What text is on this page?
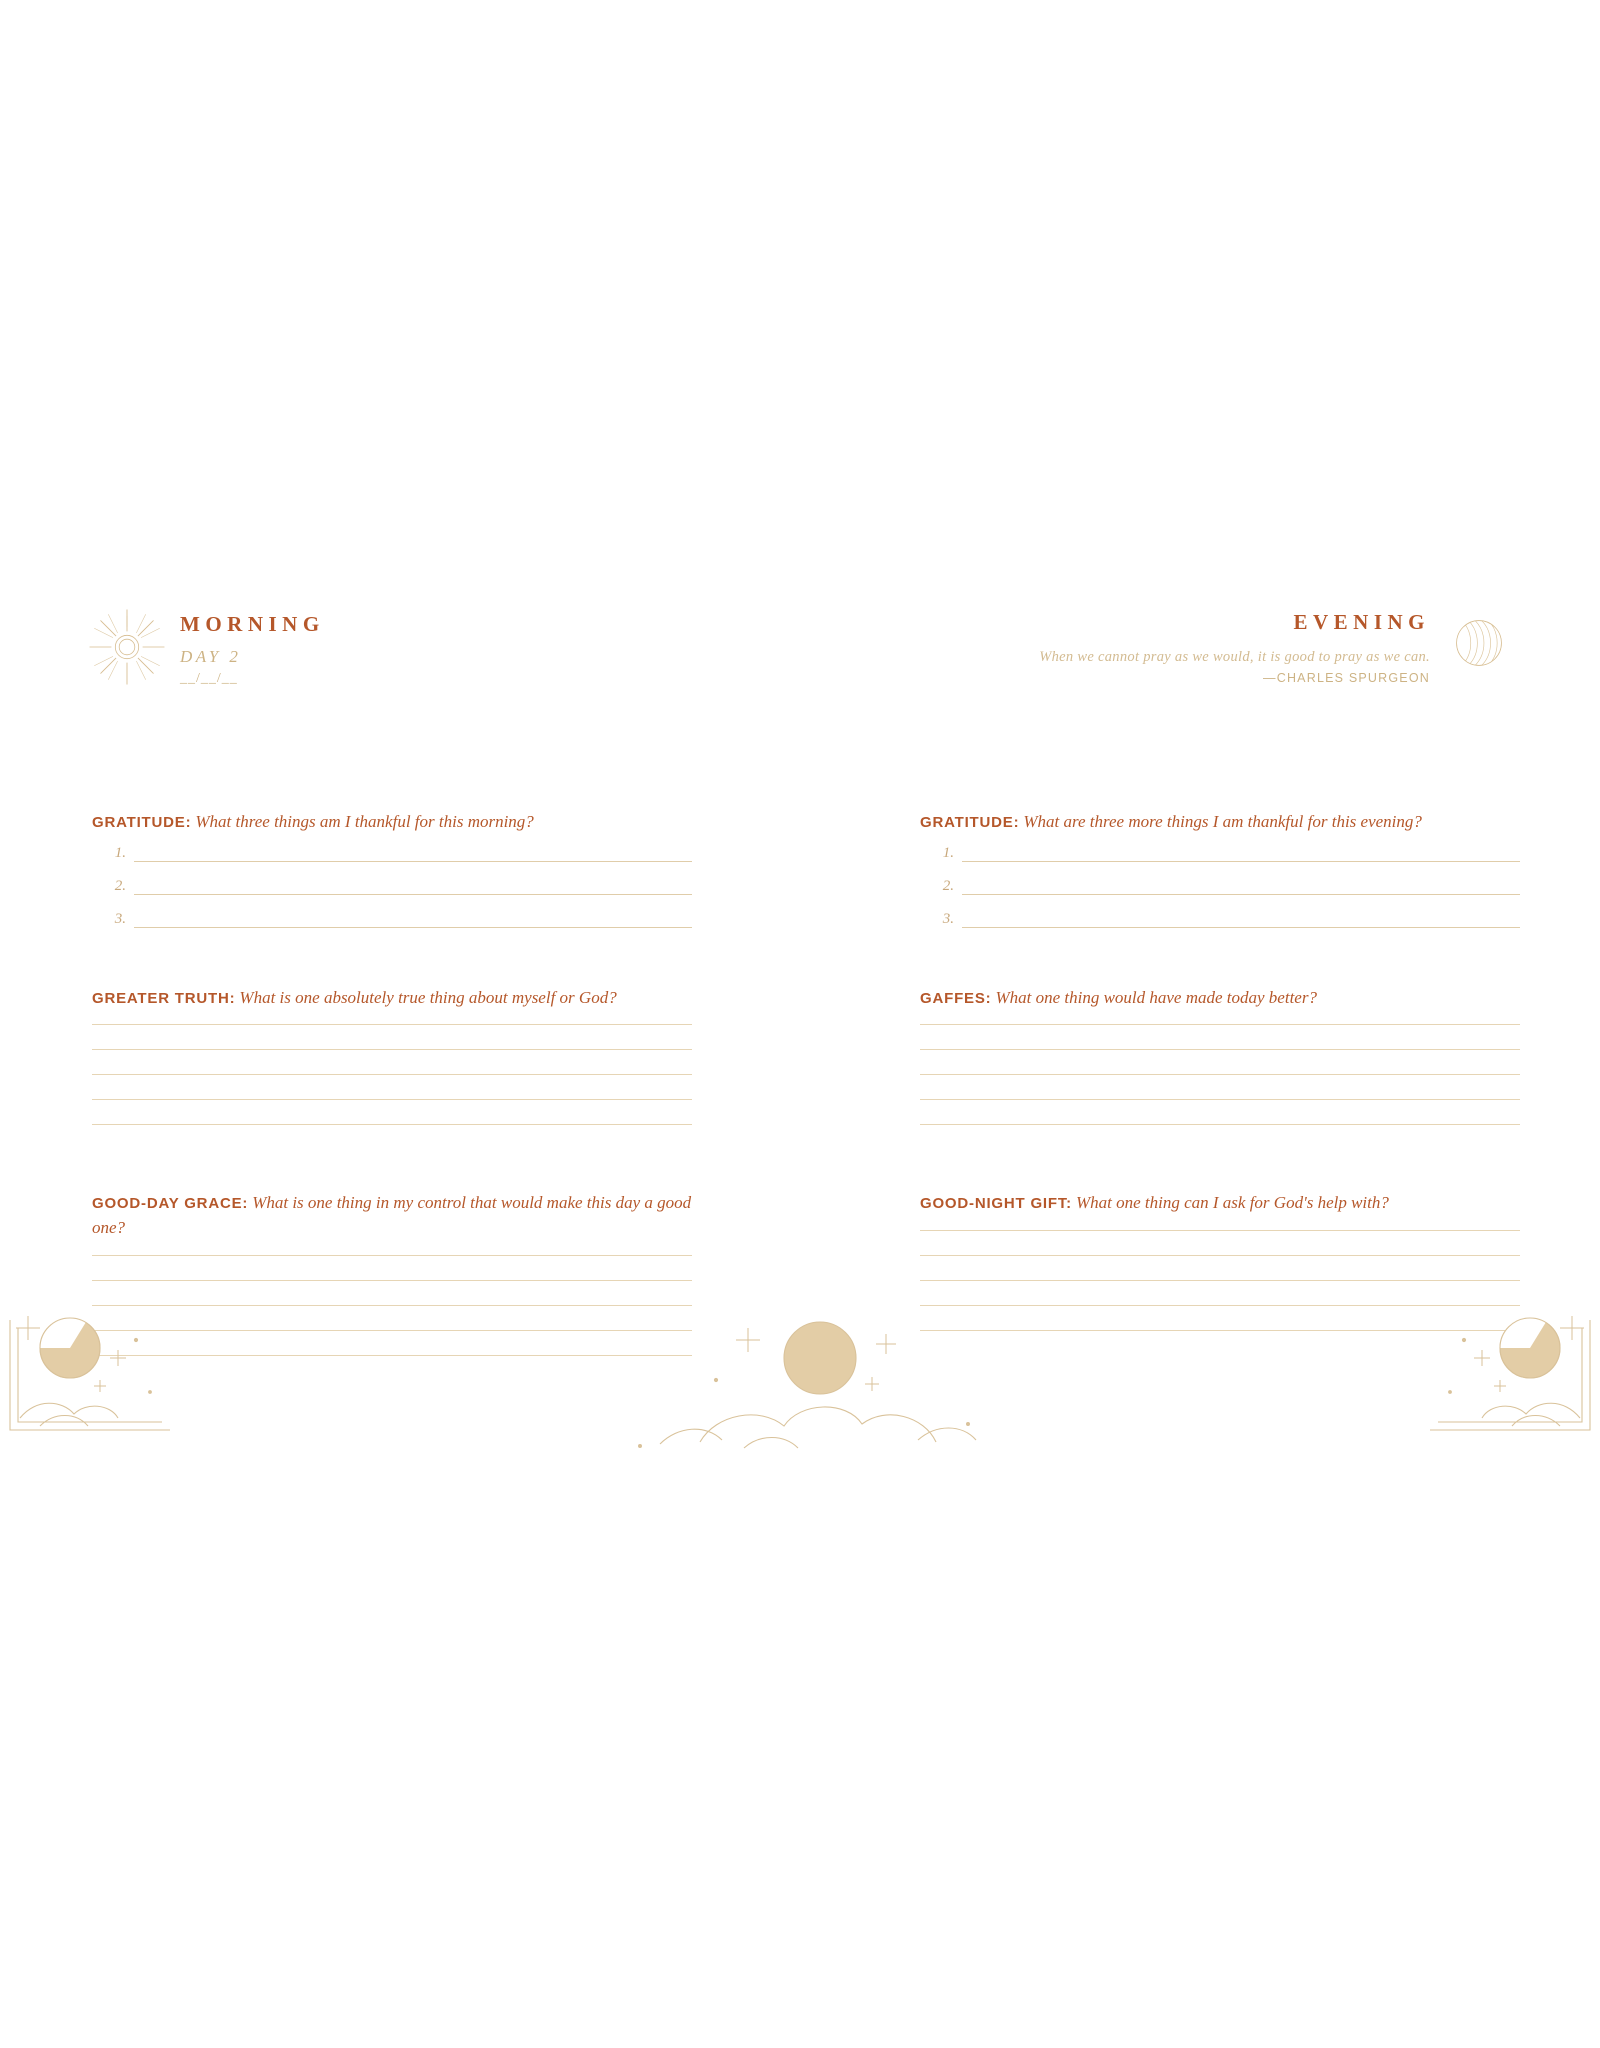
MORNING
DAY 2
__/__/__
EVENING
When we cannot pray as we would, it is good to pray as we can.
—CHARLES SPURGEON

GRATITUDE: What three things am I thankful for this morning?

1.
2.
3.

GREATER TRUTH: What is one absolutely true thing about myself or God?

GOOD-DAY GRACE: What is one thing in my control that would make this day a good one?

GRATITUDE: What are three more things I am thankful for this evening?

1.
2.
3.

GAFFES: What one thing would have made today better?

GOOD-NIGHT GIFT: What one thing can I ask for God's help with?
